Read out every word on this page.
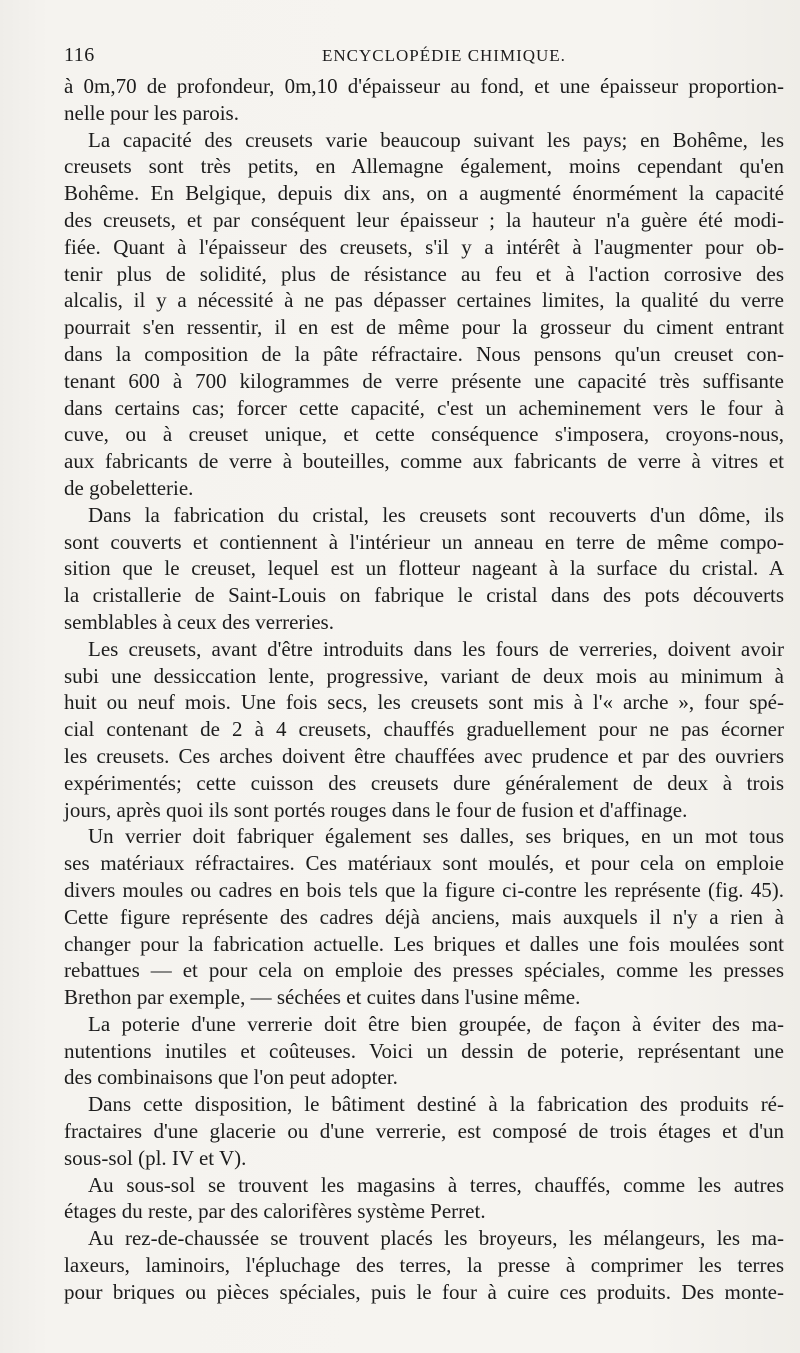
116	ENCYCLOPÉDIE CHIMIQUE.
à 0m,70 de profondeur, 0m,10 d'épaisseur au fond, et une épaisseur proportion-
nelle pour les parois.
La capacité des creusets varie beaucoup suivant les pays; en Bohême, les
creusets sont très petits, en Allemagne également, moins cependant qu'en
Bohême. En Belgique, depuis dix ans, on a augmenté énormément la capacité
des creusets, et par conséquent leur épaisseur ; la hauteur n'a guère été modi-
fiée. Quant à l'épaisseur des creusets, s'il y a intérêt à l'augmenter pour ob-
tenir plus de solidité, plus de résistance au feu et à l'action corrosive des
alcalis, il y a nécessité à ne pas dépasser certaines limites, la qualité du verre
pourrait s'en ressentir, il en est de même pour la grosseur du ciment entrant
dans la composition de la pâte réfractaire. Nous pensons qu'un creuset con-
tenant 600 à 700 kilogrammes de verre présente une capacité très suffisante
dans certains cas; forcer cette capacité, c'est un acheminement vers le four à
cuve, ou à creuset unique, et cette conséquence s'imposera, croyons-nous,
aux fabricants de verre à bouteilles, comme aux fabricants de verre à vitres et
de gobeletterie.
Dans la fabrication du cristal, les creusets sont recouverts d'un dôme, ils
sont couverts et contiennent à l'intérieur un anneau en terre de même compo-
sition que le creuset, lequel est un flotteur nageant à la surface du cristal. A
la cristallerie de Saint-Louis on fabrique le cristal dans des pots découverts
semblables à ceux des verreries.
Les creusets, avant d'être introduits dans les fours de verreries, doivent avoir
subi une dessiccation lente, progressive, variant de deux mois au minimum à
huit ou neuf mois. Une fois secs, les creusets sont mis à l'« arche », four spé-
cial contenant de 2 à 4 creusets, chauffés graduellement pour ne pas écorner
les creusets. Ces arches doivent être chauffées avec prudence et par des ouvriers
expérimentés; cette cuisson des creusets dure généralement de deux à trois
jours, après quoi ils sont portés rouges dans le four de fusion et d'affinage.
Un verrier doit fabriquer également ses dalles, ses briques, en un mot tous
ses matériaux réfractaires. Ces matériaux sont moulés, et pour cela on emploie
divers moules ou cadres en bois tels que la figure ci-contre les représente (fig. 45).
Cette figure représente des cadres déjà anciens, mais auxquels il n'y a rien à
changer pour la fabrication actuelle. Les briques et dalles une fois moulées sont
rebattues — et pour cela on emploie des presses spéciales, comme les presses
Brethon par exemple, — séchées et cuites dans l'usine même.
La poterie d'une verrerie doit être bien groupée, de façon à éviter des ma-
nutentions inutiles et coûteuses. Voici un dessin de poterie, représentant une
des combinaisons que l'on peut adopter.
Dans cette disposition, le bâtiment destiné à la fabrication des produits ré-
fractaires d'une glacerie ou d'une verrerie, est composé de trois étages et d'un
sous-sol (pl. IV et V).
Au sous-sol se trouvent les magasins à terres, chauffés, comme les autres
étages du reste, par des calorifères système Perret.
Au rez-de-chaussée se trouvent placés les broyeurs, les mélangeurs, les ma-
laxeurs, laminoirs, l'épluchage des terres, la presse à comprimer les terres
pour briques ou pièces spéciales, puis le four à cuire ces produits. Des monte-
